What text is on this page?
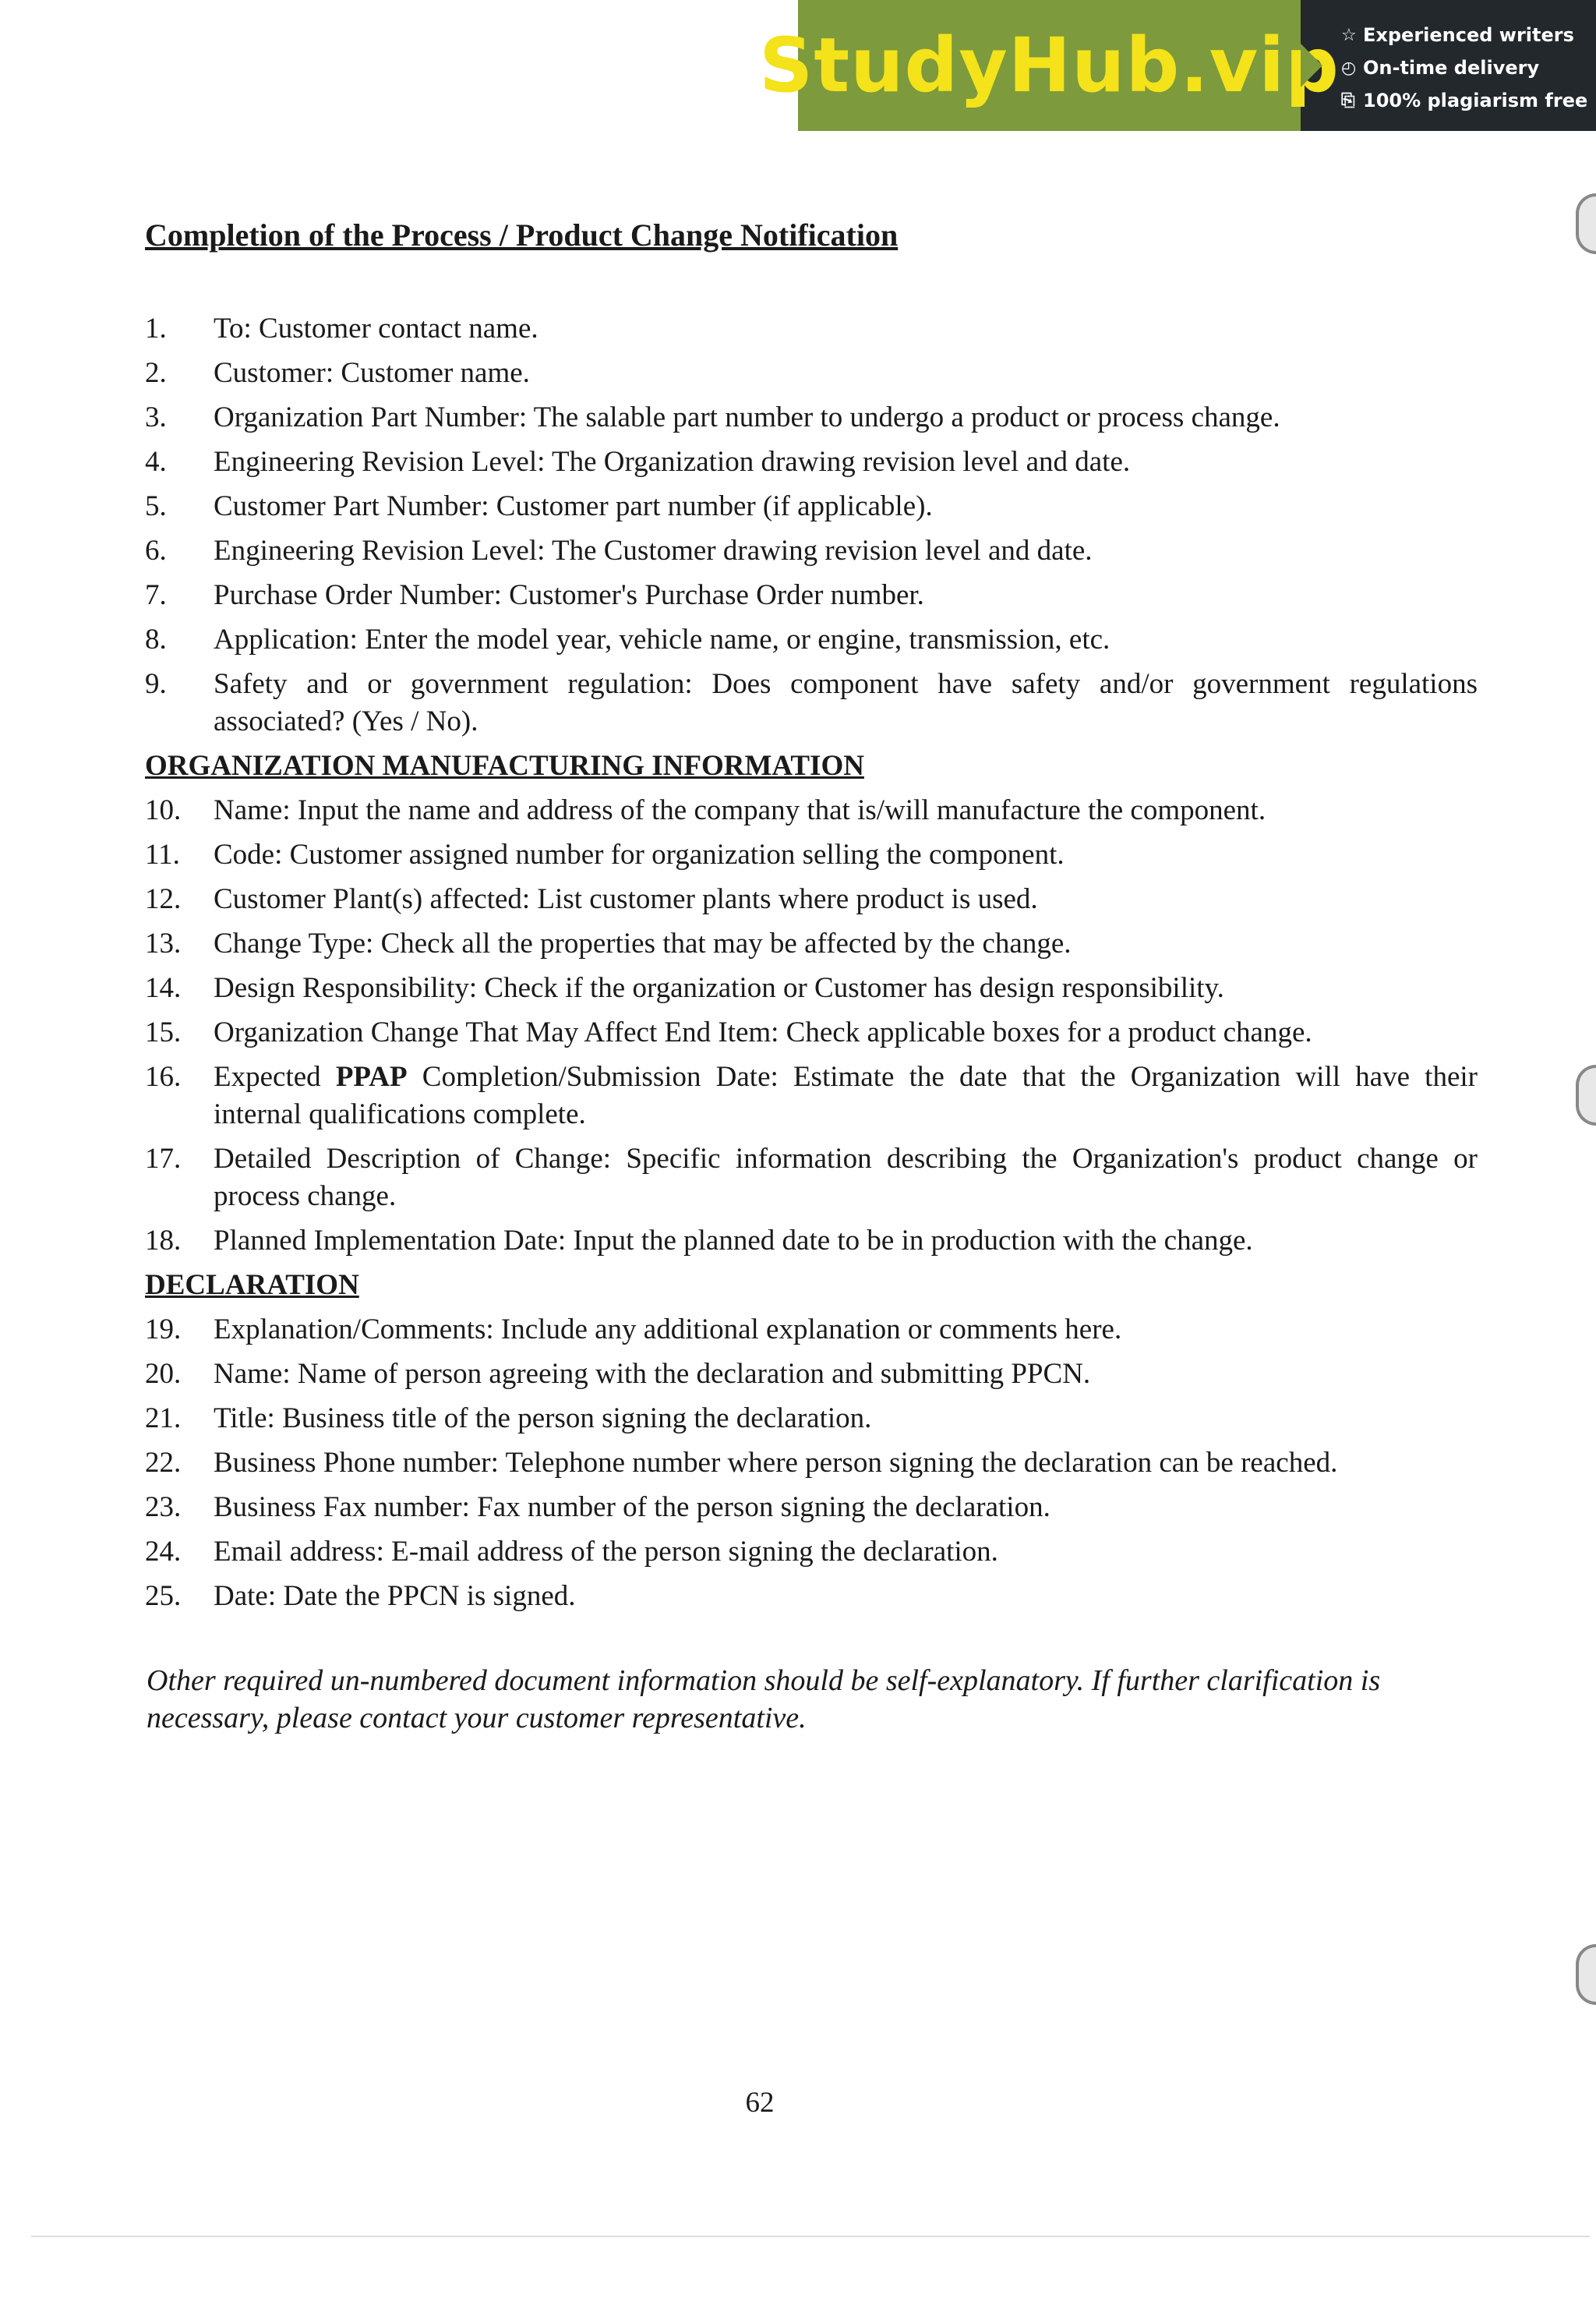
StudyHub.vip ☆ Experienced writers
◴ On-time delivery
⎘ 100% plagiarism free
Completion of the Process / Product Change Notification
1.	To: Customer contact name.
2.	Customer: Customer name.
3.	Organization Part Number: The salable part number to undergo a product or process change.
4.	Engineering Revision Level: The Organization drawing revision level and date.
5.	Customer Part Number: Customer part number (if applicable).
6.	Engineering Revision Level: The Customer drawing revision level and date.
7.	Purchase Order Number: Customer's Purchase Order number.
8.	Application: Enter the model year, vehicle name, or engine, transmission, etc.
9.	Safety and or government regulation: Does component have safety and/or government regulations associated? (Yes / No).
ORGANIZATION MANUFACTURING INFORMATION
10.	Name: Input the name and address of the company that is/will manufacture the component.
11.	Code: Customer assigned number for organization selling the component.
12.	Customer Plant(s) affected: List customer plants where product is used.
13.	Change Type: Check all the properties that may be affected by the change.
14.	Design Responsibility: Check if the organization or Customer has design responsibility.
15.	Organization Change That May Affect End Item: Check applicable boxes for a product change.
16.	Expected PPAP Completion/Submission Date: Estimate the date that the Organization will have their internal qualifications complete.
17.	Detailed Description of Change: Specific information describing the Organization's product change or process change.
18.	Planned Implementation Date: Input the planned date to be in production with the change.
DECLARATION
19.	Explanation/Comments: Include any additional explanation or comments here.
20.	Name: Name of person agreeing with the declaration and submitting PPCN.
21.	Title: Business title of the person signing the declaration.
22.	Business Phone number: Telephone number where person signing the declaration can be reached.
23.	Business Fax number: Fax number of the person signing the declaration.
24.	Email address: E-mail address of the person signing the declaration.
25.	Date: Date the PPCN is signed.
Other required un-numbered document information should be self-explanatory. If further clarification is necessary, please contact your customer representative.
62
